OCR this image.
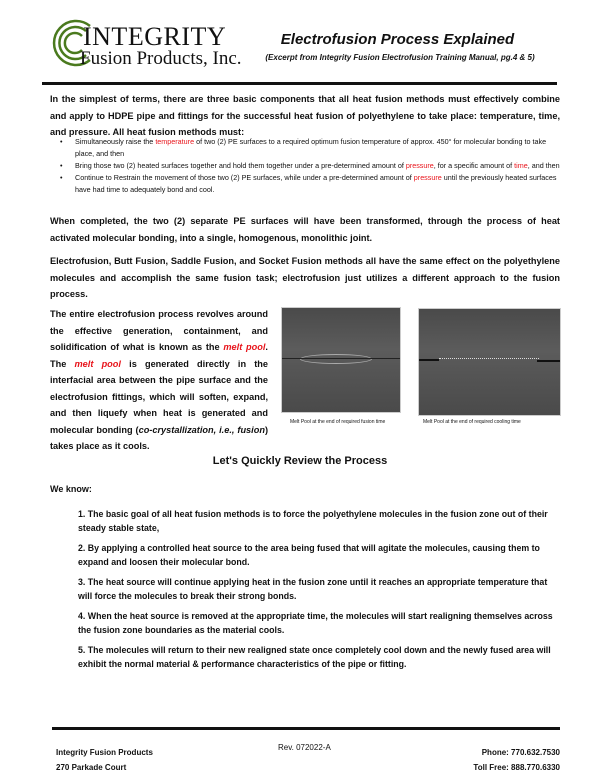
INTEGRITY
Fusion Products, Inc.
Electrofusion Process Explained
(Excerpt from Integrity Fusion Electrofusion Training Manual, pg.4 & 5)
In the simplest of terms, there are three basic components that all heat fusion methods must effectively combine and apply to HDPE pipe and fittings for the successful heat fusion of polyethylene to take place: temperature, time, and pressure. All heat fusion methods must:
• Simultaneously raise the temperature of two (2) PE surfaces to a required optimum fusion temperature of approx. 450° for molecular bonding to take place, and then
• Bring those two (2) heated surfaces together and hold them together under a pre-determined amount of pressure, for a specific amount of time, and then
• Continue to Restrain the movement of those two (2) PE surfaces, while under a pre-determined amount of pressure until the previously heated surfaces have had time to adequately bond and cool.
When completed, the two (2) separate PE surfaces will have been transformed, through the process of heat activated molecular bonding, into a single, homogenous, monolithic joint.
Electrofusion, Butt Fusion, Saddle Fusion, and Socket Fusion methods all have the same effect on the polyethylene molecules and accomplish the same fusion task; electrofusion just utilizes a different approach to the fusion process.
The entire electrofusion process revolves around the effective generation, containment, and solidification of what is known as the melt pool. The melt pool is generated directly in the interfacial area between the pipe surface and the electrofusion fittings, which will soften, expand, and then liquefy when heat is generated and molecular bonding (co-crystallization, i.e., fusion) takes place as it cools.
Melt Pool at the end of required fusion time	Melt Pool at the end of required cooling time
Let's Quickly Review the Process
We know:

1. The basic goal of all heat fusion methods is to force the polyethylene molecules in the fusion zone out of their steady stable state,

2. By applying a controlled heat source to the area being fused that will agitate the molecules, causing them to expand and loosen their molecular bond.

3. The heat source will continue applying heat in the fusion zone until it reaches an appropriate temperature that will force the molecules to break their strong bonds.

4. When the heat source is removed at the appropriate time, the molecules will start realigning themselves across the fusion zone boundaries as the material cools.

5. The molecules will return to their new realigned state once completely cool down and the newly fused area will exhibit the normal material & performance characteristics of the pipe or fitting.

Integrity Fusion Products
270 Parkade Court
Rev. 072022-A
Phone: 770.632.7530
Toll Free: 888.770.6330
